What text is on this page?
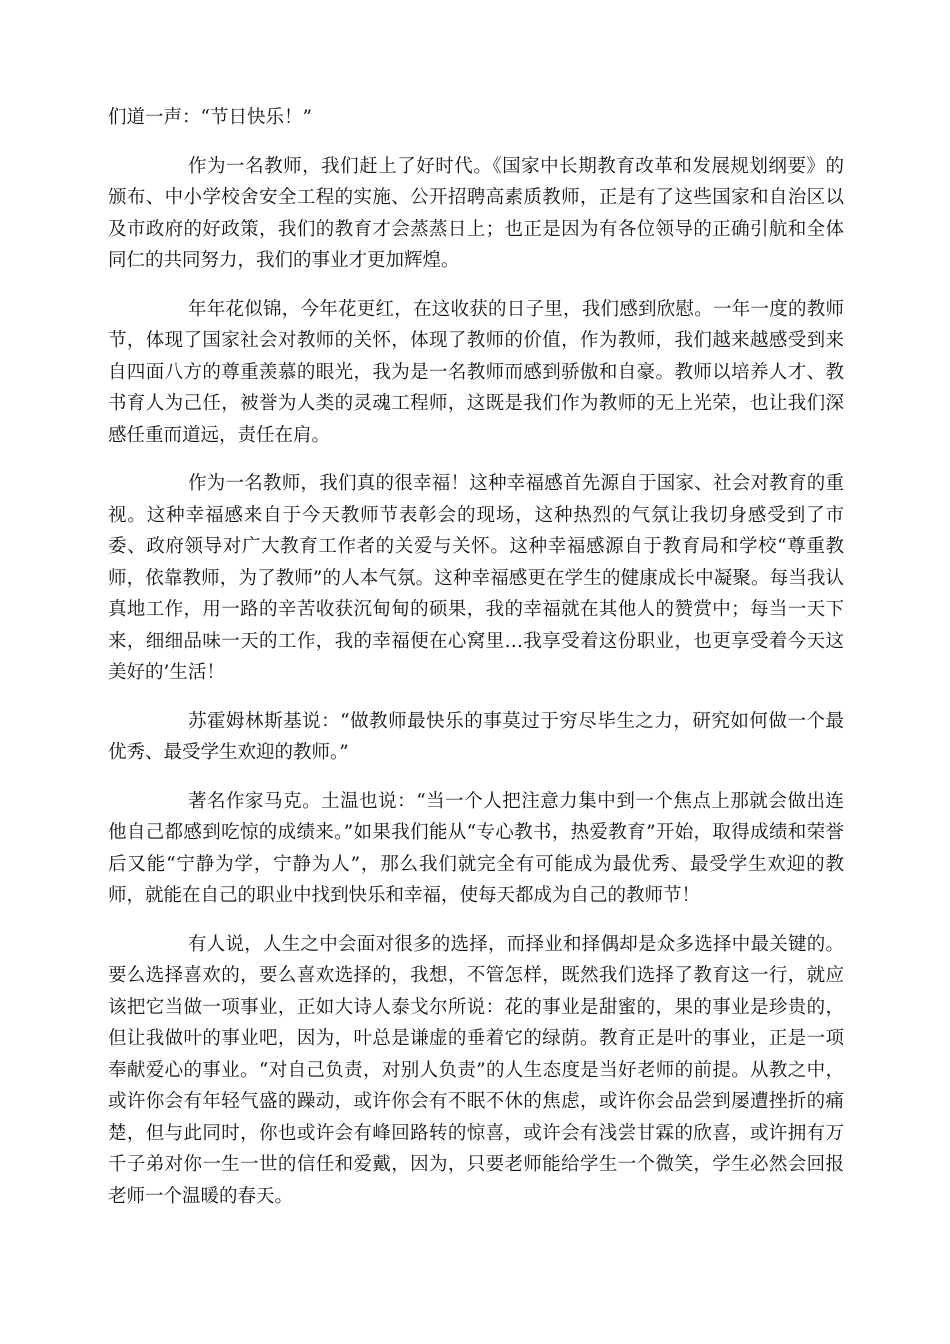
们道一声：“节日快乐！”

作为一名教师，我们赶上了好时代。《国家中长期教育改革和发展规划纲要》的颁布、中小学校舍安全工程的实施、公开招聘高素质教师，正是有了这些国家和自治区以及市政府的好政策，我们的教育才会蒸蒸日上；也正是因为有各位领导的正确引航和全体同仁的共同努力，我们的事业才更加辉煌。

年年花似锦，今年花更红，在这收获的日子里，我们感到欣慰。一年一度的教师节，体现了国家社会对教师的关怀，体现了教师的价值，作为教师，我们越来越感受到来自四面八方的尊重羡慕的眼光，我为是一名教师而感到骄傲和自豪。教师以培养人才、教书育人为己任，被誉为人类的灵魂工程师，这既是我们作为教师的无上光荣，也让我们深感任重而道远，责任在肩。

作为一名教师，我们真的很幸福！这种幸福感首先源自于国家、社会对教育的重视。这种幸福感来自于今天教师节表彰会的现场，这种热烈的气氛让我切身感受到了市委、政府领导对广大教育工作者的关爱与关怀。这种幸福感源自于教育局和学校“尊重教师，依靠教师，为了教师”的人本气氛。这种幸福感更在学生的健康成长中凝聚。每当我认真地工作，用一路的辛苦收获沉甸甸的硕果，我的幸福就在其他人的赞赏中；每当一天下来，细细品味一天的工作，我的幸福便在心窝里…我享受着这份职业，也更享受着今天这美好的’生活！

苏霍姆林斯基说：“做教师最快乐的事莫过于穷尽毕生之力，研究如何做一个最优秀、最受学生欢迎的教师。”

著名作家马克。土温也说：“当一个人把注意力集中到一个焦点上那就会做出连他自己都感到吃惊的成绩来。”如果我们能从“专心教书，热爱教育”开始，取得成绩和荣誉后又能“宁静为学，宁静为人”，那么我们就完全有可能成为最优秀、最受学生欢迎的教师，就能在自己的职业中找到快乐和幸福，使每天都成为自己的教师节！

有人说，人生之中会面对很多的选择，而择业和择偶却是众多选择中最关键的。要么选择喜欢的，要么喜欢选择的，我想，不管怎样，既然我们选择了教育这一行，就应该把它当做一项事业，正如大诗人泰戈尔所说：花的事业是甜蜜的，果的事业是珍贵的，但让我做叶的事业吧，因为，叶总是谦虚的垂着它的绿荫。教育正是叶的事业，正是一项奉献爱心的事业。“对自己负责，对别人负责”的人生态度是当好老师的前提。从教之中，或许你会有年轻气盛的躁动，或许你会有不眠不休的焦虑，或许你会品尝到屡遭挫折的痛楚，但与此同时，你也或许会有峰回路转的惊喜，或许会有浅尝甘霖的欣喜，或许拥有万千子弟对你一生一世的信任和爱戴，因为，只要老师能给学生一个微笑，学生必然会回报老师一个温暖的春天。
